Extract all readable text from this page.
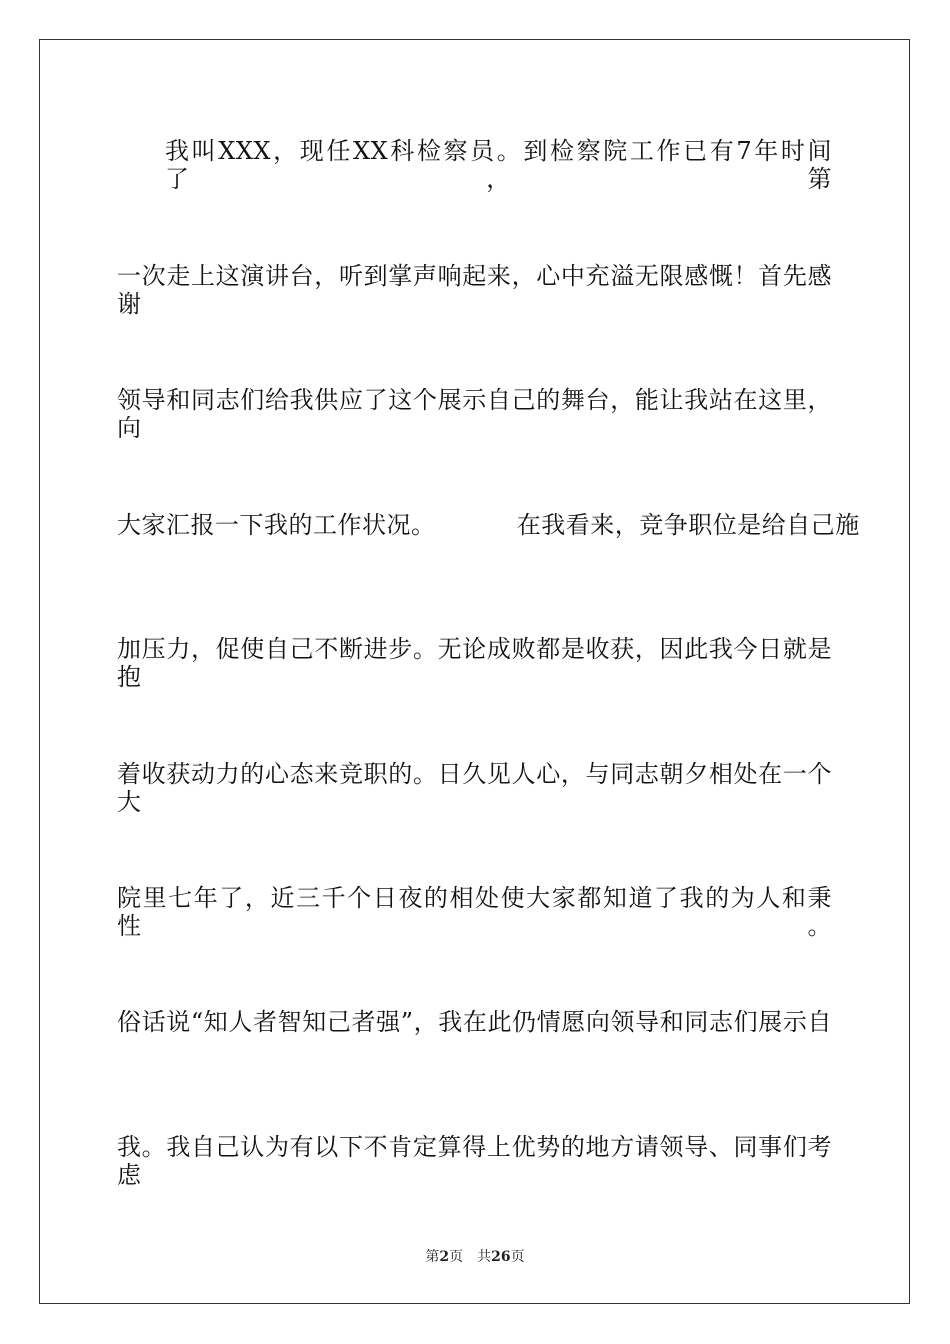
我叫XXX，现任XX科检察员。到检察院工作已有7年时间了，第
一次走上这演讲台，听到掌声响起来，心中充溢无限感慨！首先感谢
领导和同志们给我供应了这个展示自己的舞台，能让我站在这里，向
大家汇报一下我的工作状况。          在我看来，竞争职位是给自己施
加压力，促使自己不断进步。无论成败都是收获，因此我今日就是抱
着收获动力的心态来竞职的。日久见人心，与同志朝夕相处在一个大
院里七年了，近三千个日夜的相处使大家都知道了我的为人和秉性。
俗话说“知人者智知己者强”，我在此仍情愿向领导和同志们展示自
我。我自己认为有以下不肯定算得上优势的地方请领导、同事们考虑
第2页 共26页
